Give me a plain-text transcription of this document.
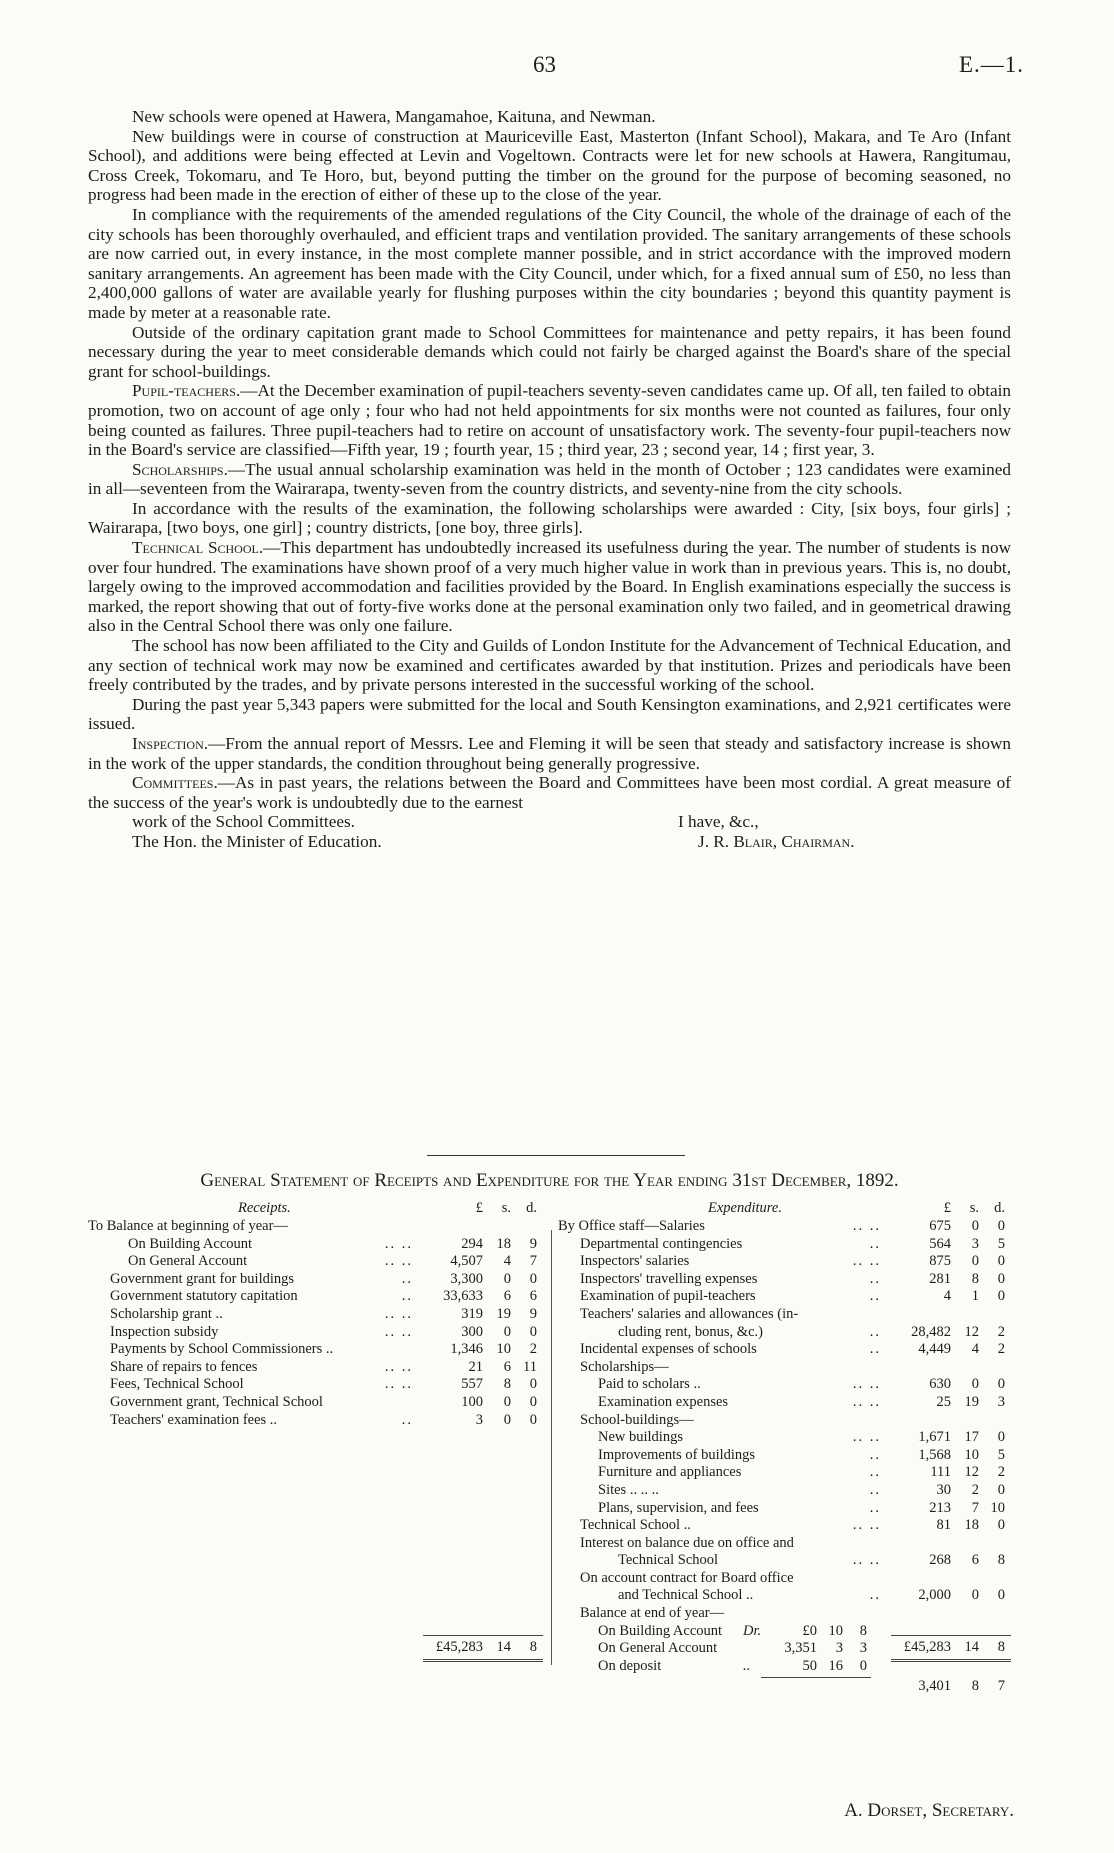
63	E.—1.

New schools were opened at Hawera, Mangamahoe, Kaituna, and Newman.

New buildings were in course of construction at Mauriceville East, Masterton (Infant School), Makara, and Te Aro (Infant School), and additions were being effected at Levin and Vogeltown. Contracts were let for new schools at Hawera, Rangitumau, Cross Creek, Tokomaru, and Te Horo, but, beyond putting the timber on the ground for the purpose of becoming seasoned, no progress had been made in the erection of either of these up to the close of the year.

In compliance with the requirements of the amended regulations of the City Council, the whole of the drainage of each of the city schools has been thoroughly overhauled, and efficient traps and ventilation provided. The sanitary arrangements of these schools are now carried out, in every instance, in the most complete manner possible, and in strict accordance with the improved modern sanitary arrangements. An agreement has been made with the City Council, under which, for a fixed annual sum of £50, no less than 2,400,000 gallons of water are available yearly for flushing purposes within the city boundaries ; beyond this quantity payment is made by meter at a reasonable rate.

Outside of the ordinary capitation grant made to School Committees for maintenance and petty repairs, it has been found necessary during the year to meet considerable demands which could not fairly be charged against the Board's share of the special grant for school-buildings.

Pupil-teachers.—At the December examination of pupil-teachers seventy-seven candidates came up. Of all, ten failed to obtain promotion, two on account of age only ; four who had not held appointments for six months were not counted as failures, four only being counted as failures. Three pupil-teachers had to retire on account of unsatisfactory work. The seventy-four pupil-teachers now in the Board's service are classified—Fifth year, 19 ; fourth year, 15 ; third year, 23 ; second year, 14 ; first year, 3.

Scholarships.—The usual annual scholarship examination was held in the month of October ; 123 candidates were examined in all—seventeen from the Wairarapa, twenty-seven from the country districts, and seventy-nine from the city schools.

In accordance with the results of the examination, the following scholarships were awarded : City, [six boys, four girls] ; Wairarapa, [two boys, one girl] ; country districts, [one boy, three girls].

Technical School.—This department has undoubtedly increased its usefulness during the year. The number of students is now over four hundred. The examinations have shown proof of a very much higher value in work than in previous years. This is, no doubt, largely owing to the improved accommodation and facilities provided by the Board. In English examinations especially the success is marked, the report showing that out of forty-five works done at the personal examination only two failed, and in geometrical drawing also in the Central School there was only one failure.

The school has now been affiliated to the City and Guilds of London Institute for the Advancement of Technical Education, and any section of technical work may now be examined and certificates awarded by that institution. Prizes and periodicals have been freely contributed by the trades, and by private persons interested in the successful working of the school.

During the past year 5,343 papers were submitted for the local and South Kensington examinations, and 2,921 certificates were issued.

Inspection.—From the annual report of Messrs. Lee and Fleming it will be seen that steady and satisfactory increase is shown in the work of the upper standards, the condition throughout being generally progressive.

Committees.—As in past years, the relations between the Board and Committees have been most cordial. A great measure of the success of the year's work is undoubtedly due to the earnest

work of the School Committees.	I have, &c.,
The Hon. the Minister of Education.	J. R. Blair, Chairman.
General Statement of Receipts and Expenditure for the Year ending 31st December, 1892.
Receipts.	£	s.	d.
To Balance at beginning of year—
On Building Account	.. ..	294 18	9
On General Account	.. ..	4,507	4	7
Government grant for buildings	..	3,300	0	0
Government statutory capitation	..	33,633	6	6
Scholarship grant ..	.. ..	319 19	9
Inspection subsidy	.. ..	300	0	0
Payments by School Commissioners ..	1,346 10	2
Share of repairs to fences	.. ..	21	6 11
Fees, Technical School	.. ..	557	8	0
Government grant, Technical School	100	0	0
Teachers' examination fees ..	..	3	0	0
£45,283 14	8
Expenditure.	£	s.	d.
By Office staff—Salaries	.. ..	675	0	0
Departmental contingencies	..	564	3	5
Inspectors' salaries	.. ..	875	0	0
Inspectors' travelling expenses	..	281	8	0
Examination of pupil-teachers	..	4	1	0
Teachers' salaries and allowances (in-
cluding rent, bonus, &c.)	..	28,482 12	2
Incidental expenses of schools	..	4,449	4	2
Scholarships—
Paid to scholars ..	.. ..	630	0	0
Examination expenses	.. ..	25 19	3
School-buildings—
New buildings	.. ..	1,671 17	0
Improvements of buildings	..	1,568 10	5
Furniture and appliances	..	111 12	2
Sites .. .. ..	..	30	2	0
Plans, supervision, and fees	..	213	7 10
Technical School ..	.. ..	81 18	0
Interest on balance due on office and
Technical School	.. ..	268	6	8
On account contract for Board office
and Technical School ..	..	2,000	0	0
Balance at end of year—
On Building Account Dr.	£0 10	8
On General Account	3,351	3	3
On deposit	..	50 16	0
3,401	8	7
£45,283 14	8
A. Dorset, Secretary.
